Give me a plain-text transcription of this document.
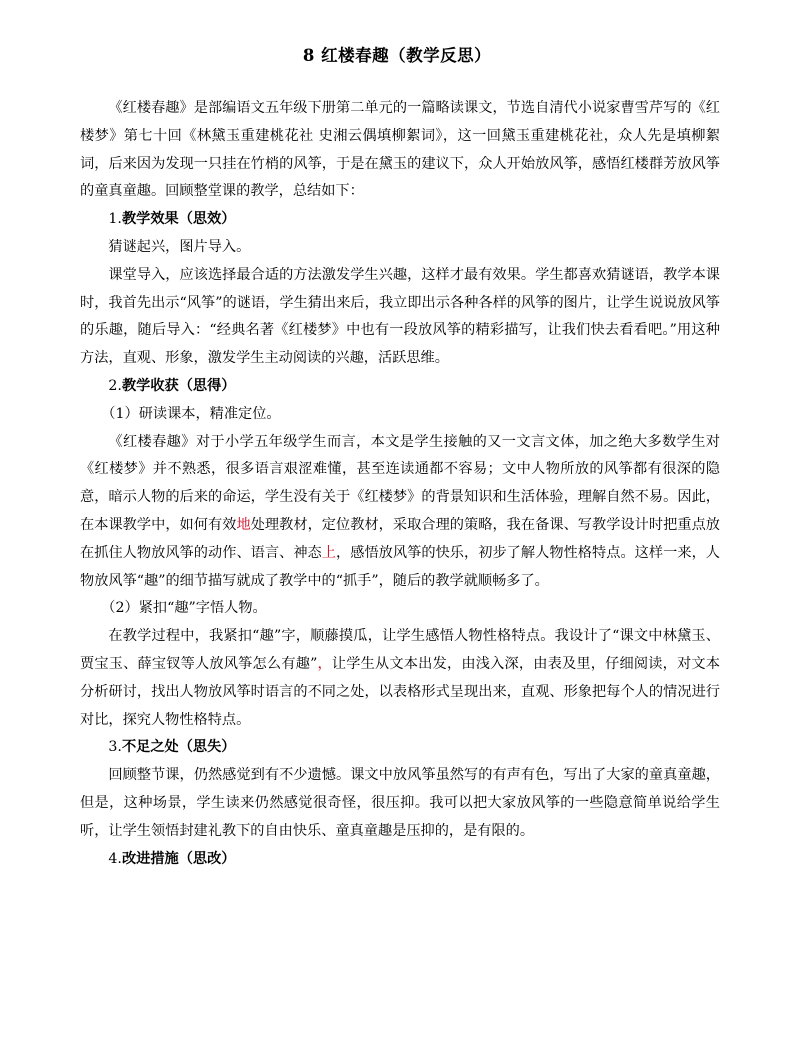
8 红楼春趣（教学反思）

《红楼春趣》是部编语文五年级下册第二单元的一篇略读课文，节选自清代小说家曹雪芹写的《红楼梦》第七十回《林黛玉重建桃花社 史湘云偶填柳絮词》，这一回黛玉重建桃花社，众人先是填柳絮词，后来因为发现一只挂在竹梢的风筝，于是在黛玉的建议下，众人开始放风筝，感悟红楼群芳放风筝的童真童趣。回顾整堂课的教学，总结如下：

1.教学效果（思效）

猜谜起兴，图片导入。

课堂导入，应该选择最合适的方法激发学生兴趣，这样才最有效果。学生都喜欢猜谜语，教学本课时，我首先出示“风筝”的谜语，学生猜出来后，我立即出示各种各样的风筝的图片，让学生说说放风筝的乐趣，随后导入：“经典名著《红楼梦》中也有一段放风筝的精彩描写，让我们快去看看吧。”用这种方法，直观、形象，激发学生主动阅读的兴趣，活跃思维。

2.教学收获（思得）

（1）研读课本，精准定位。

《红楼春趣》对于小学五年级学生而言，本文是学生接触的又一文言文体，加之绝大多数学生对《红楼梦》并不熟悉，很多语言艰涩难懂，甚至连读通都不容易；文中人物所放的风筝都有很深的隐意，暗示人物的后来的命运，学生没有关于《红楼梦》的背景知识和生活体验，理解自然不易。因此，在本课教学中，如何有效地处理教材，定位教材，采取合理的策略，我在备课、写教学设计时把重点放在抓住人物放风筝的动作、语言、神态上，感悟放风筝的快乐，初步了解人物性格特点。这样一来，人物放风筝“趣”的细节描写就成了教学中的“抓手”，随后的教学就顺畅多了。

（2）紧扣“趣”字悟人物。

在教学过程中，我紧扣“趣”字，顺藤摸瓜，让学生感悟人物性格特点。我设计了“课文中林黛玉、贾宝玉、薛宝钗等人放风筝怎么有趣”，让学生从文本出发，由浅入深，由表及里，仔细阅读，对文本分析研讨，找出人物放风筝时语言的不同之处，以表格形式呈现出来，直观、形象把每个人的情况进行对比，探究人物性格特点。

3.不足之处（思失）

回顾整节课，仍然感觉到有不少遗憾。课文中放风筝虽然写的有声有色，写出了大家的童真童趣，但是，这种场景，学生读来仍然感觉很奇怪，很压抑。我可以把大家放风筝的一些隐意简单说给学生听，让学生领悟封建礼教下的自由快乐、童真童趣是压抑的，是有限的。

4.改进措施（思改）
